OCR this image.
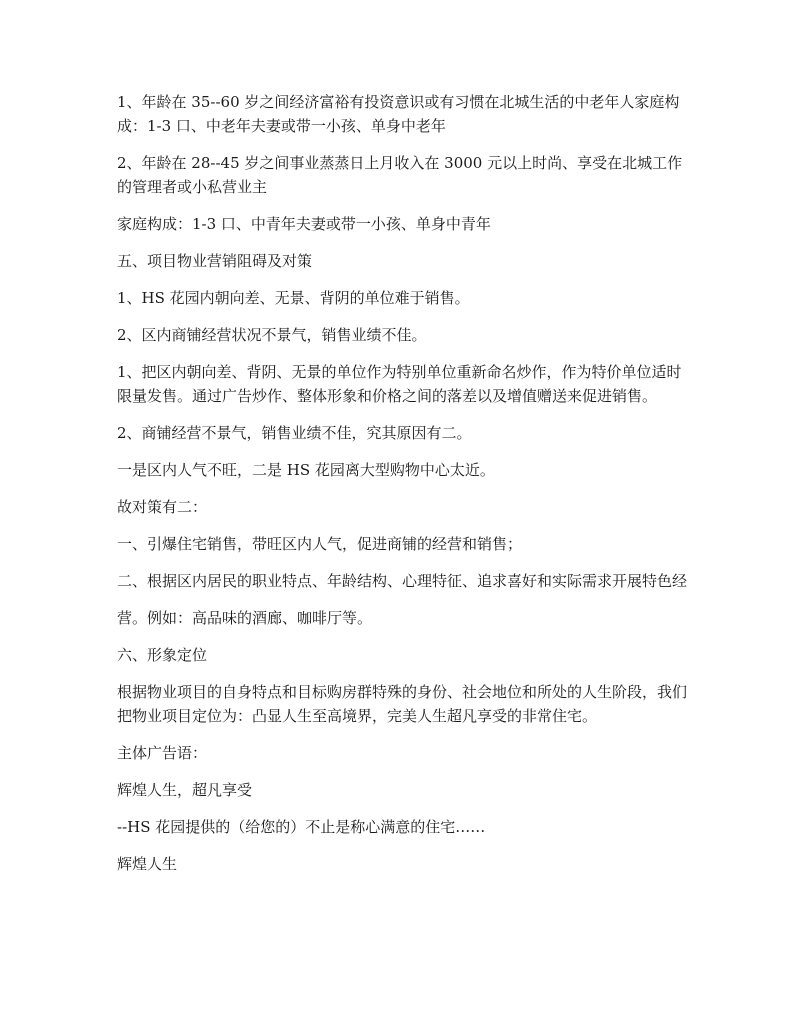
1、年龄在 35--60 岁之间经济富裕有投资意识或有习惯在北城生活的中老年人家庭构成：1-3 口、中老年夫妻或带一小孩、单身中老年

2、年龄在 28--45 岁之间事业蒸蒸日上月收入在 3000 元以上时尚、享受在北城工作的管理者或小私营业主

家庭构成：1-3 口、中青年夫妻或带一小孩、单身中青年

五、项目物业营销阻碍及对策

1、HS 花园内朝向差、无景、背阴的单位难于销售。

2、区内商铺经营状况不景气，销售业绩不佳。

1、把区内朝向差、背阴、无景的单位作为特别单位重新命名炒作，作为特价单位适时限量发售。通过广告炒作、整体形象和价格之间的落差以及增值赠送来促进销售。

2、商铺经营不景气，销售业绩不佳，究其原因有二。

一是区内人气不旺，二是 HS 花园离大型购物中心太近。

故对策有二：

一、引爆住宅销售，带旺区内人气，促进商铺的经营和销售；

二、根据区内居民的职业特点、年龄结构、心理特征、追求喜好和实际需求开展特色经

营。例如：高品味的酒廊、咖啡厅等。

六、形象定位

根据物业项目的自身特点和目标购房群特殊的身份、社会地位和所处的人生阶段，我们把物业项目定位为：凸显人生至高境界，完美人生超凡享受的非常住宅。

主体广告语：

辉煌人生，超凡享受

--HS 花园提供的（给您的）不止是称心满意的住宅……

辉煌人生
